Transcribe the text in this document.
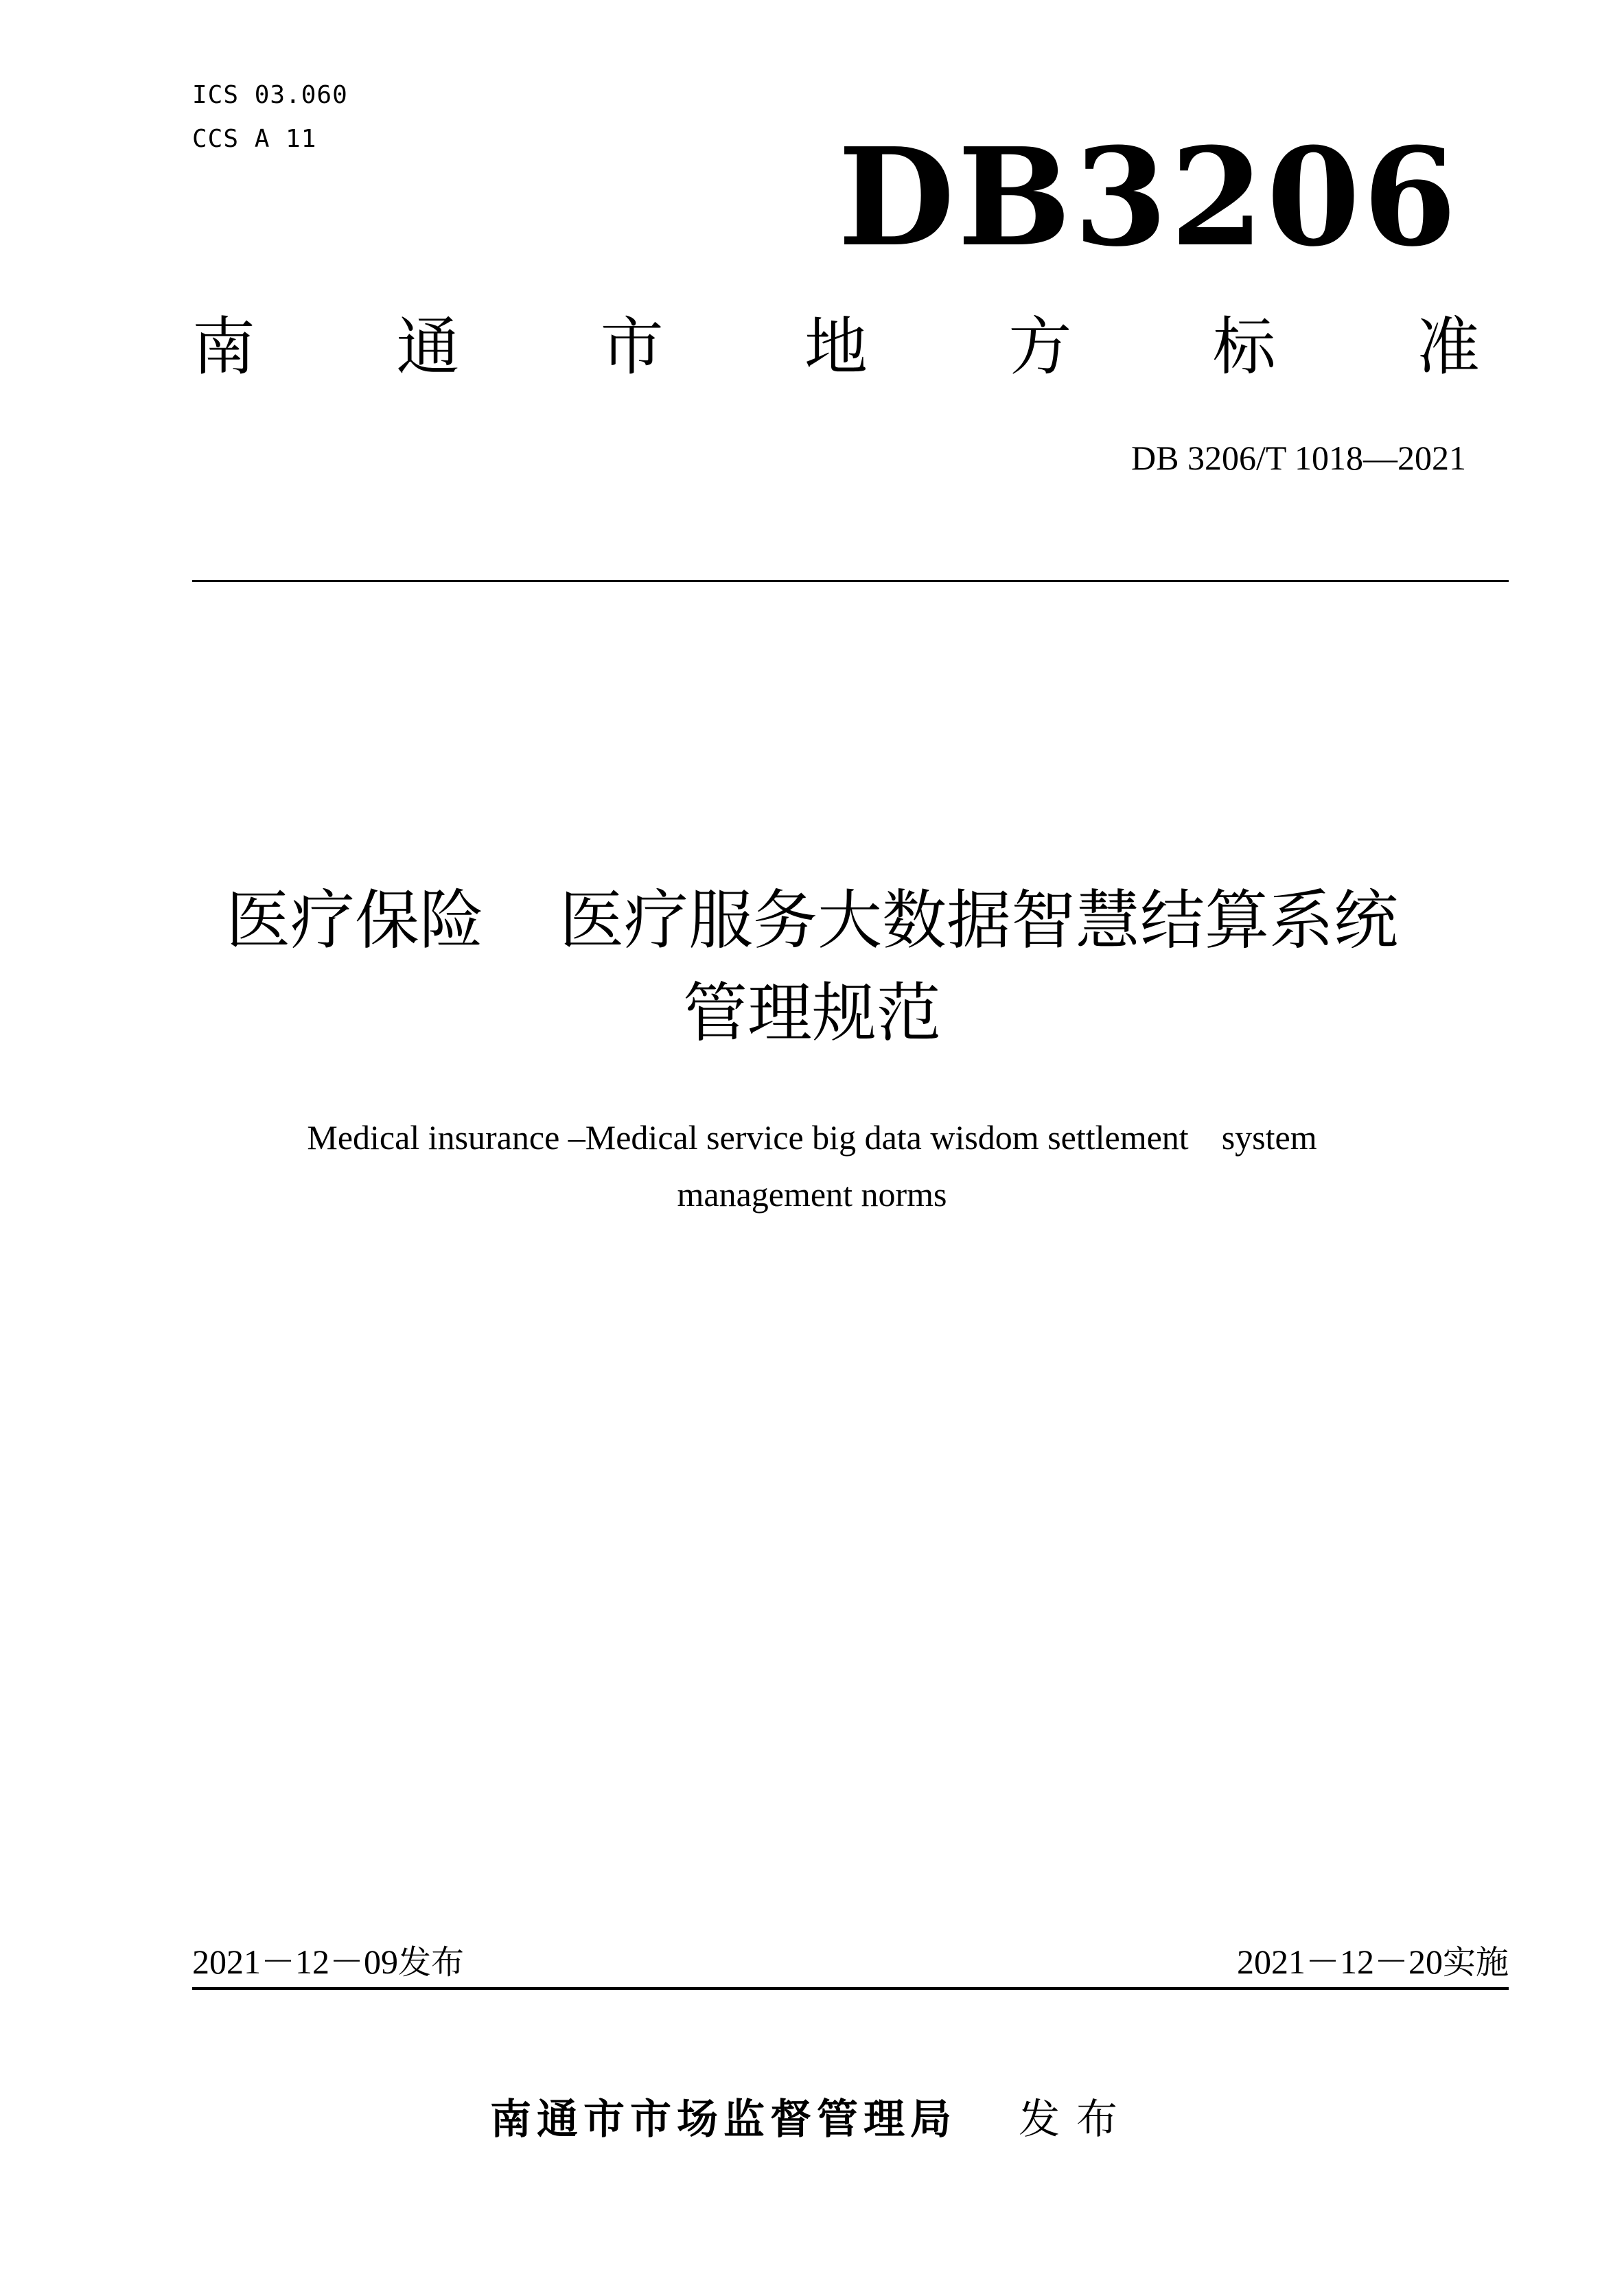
ICS 03.060
CCS A 11	DB3206
南 通 市 地 方 标 准
DB 3206/T 1018—2021
医疗保险 医疗服务大数据智慧结算系统
管理规范
Medical insurance –Medical service big data wisdom settlement system
management norms
2021－12－09发布	2021－12－20实施
南通市市场监督管理局 发布
